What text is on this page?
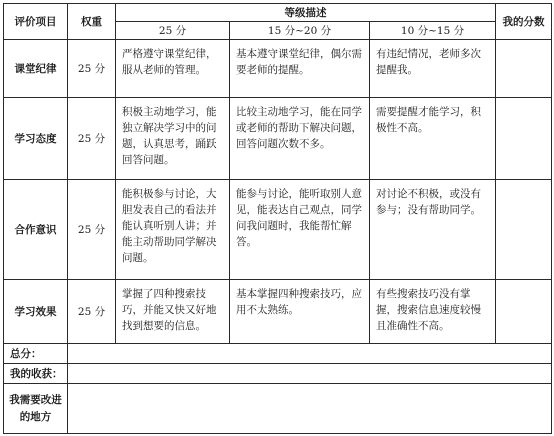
评价项目	权重	等级描述			我的分数
		25 分	15 分~20 分	10 分~15 分	
课堂纪律	25 分	严格遵守课堂纪律，服从老师的管理。	基本遵守课堂纪律，偶尔需要老师的提醒。	有违纪情况，老师多次提醒我。	
学习态度	25 分	积极主动地学习，能独立解决学习中的问题，认真思考，踊跃回答问题。	比较主动地学习，能在同学或老师的帮助下解决问题，回答问题次数不多。	需要提醒才能学习，积极性不高。	
合作意识	25 分	能积极参与讨论，大胆发表自己的看法并能认真听别人讲；并能主动帮助同学解决问题。	能参与讨论，能听取别人意见，能表达自己观点，同学问我问题时，我能帮忙解答。	对讨论不积极，或没有参与；没有帮助同学。	
学习效果	25 分	掌握了四种搜索技巧，并能又快又好地找到想要的信息。	基本掌握四种搜索技巧，应用不太熟练。	有些搜索技巧没有掌握，搜索信息速度较慢且准确性不高。	
总分：					
我的收获：					

我需要改进
的地方					
